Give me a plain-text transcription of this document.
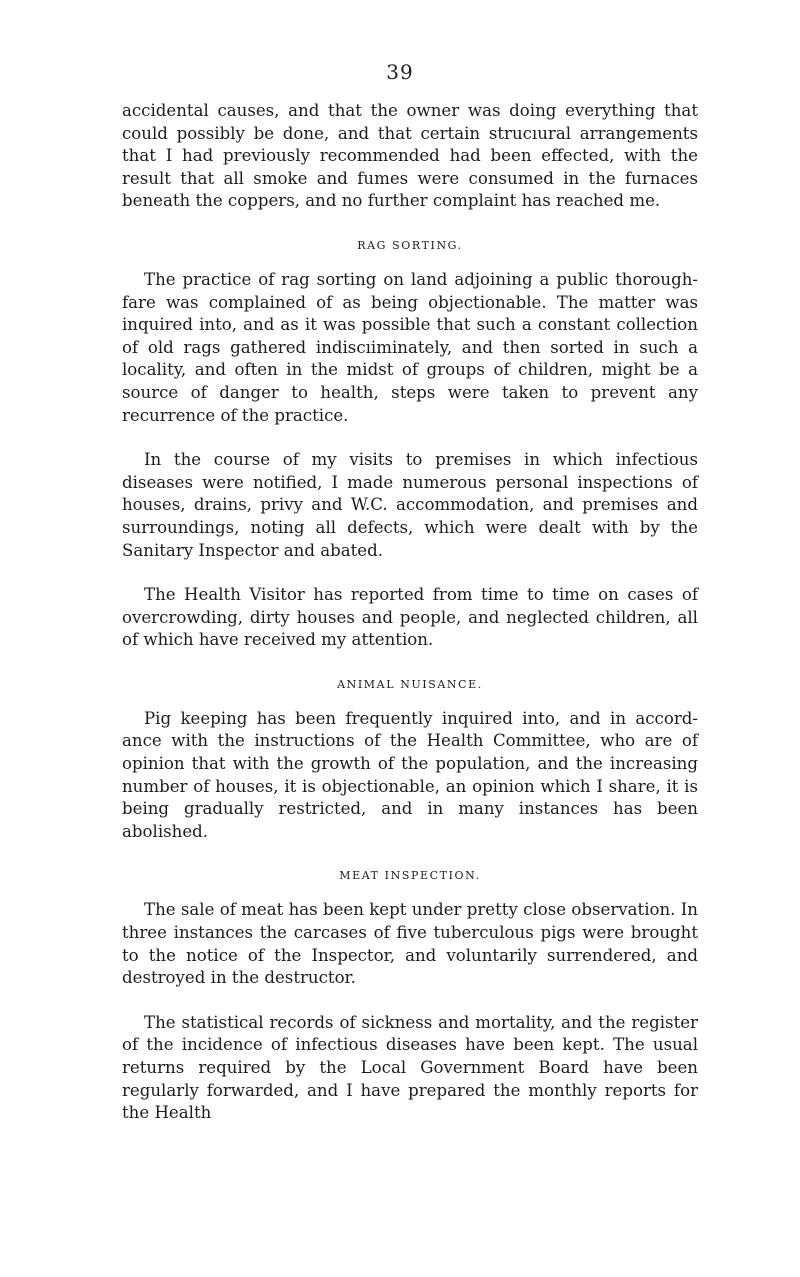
39

accidental causes, and that the owner was doing everything that could possibly be done, and that certain strucıural arrangements that I had previously recommended had been effected, with the result that all smoke and fumes were consumed in the furnaces beneath the coppers, and no further complaint has reached me.

RAG SORTING.

The practice of rag sorting on land adjoining a public thorough-fare was complained of as being objectionable. The matter was inquired into, and as it was possible that such a constant collection of old rags gathered indiscıiminately, and then sorted in such a locality, and often in the midst of groups of children, might be a source of danger to health, steps were taken to prevent any recurrence of the practice.

In the course of my visits to premises in which infectious diseases were notified, I made numerous personal inspections of houses, drains, privy and W.C. accommodation, and premises and surroundings, noting all defects, which were dealt with by the Sanitary Inspector and abated.

The Health Visitor has reported from time to time on cases of overcrowding, dirty houses and people, and neglected children, all of which have received my attention.

ANIMAL NUISANCE.

Pig keeping has been frequently inquired into, and in accord-ance with the instructions of the Health Committee, who are of opinion that with the growth of the population, and the increasing number of houses, it is objectionable, an opinion which I share, it is being gradually restricted, and in many instances has been abolished.

MEAT INSPECTION.

The sale of meat has been kept under pretty close observation. In three instances the carcases of five tuberculous pigs were brought to the notice of the Inspector, and voluntarily surrendered, and destroyed in the destructor.

The statistical records of sickness and mortality, and the register of the incidence of infectious diseases have been kept. The usual returns required by the Local Government Board have been regularly forwarded, and I have prepared the monthly reports for the Health
